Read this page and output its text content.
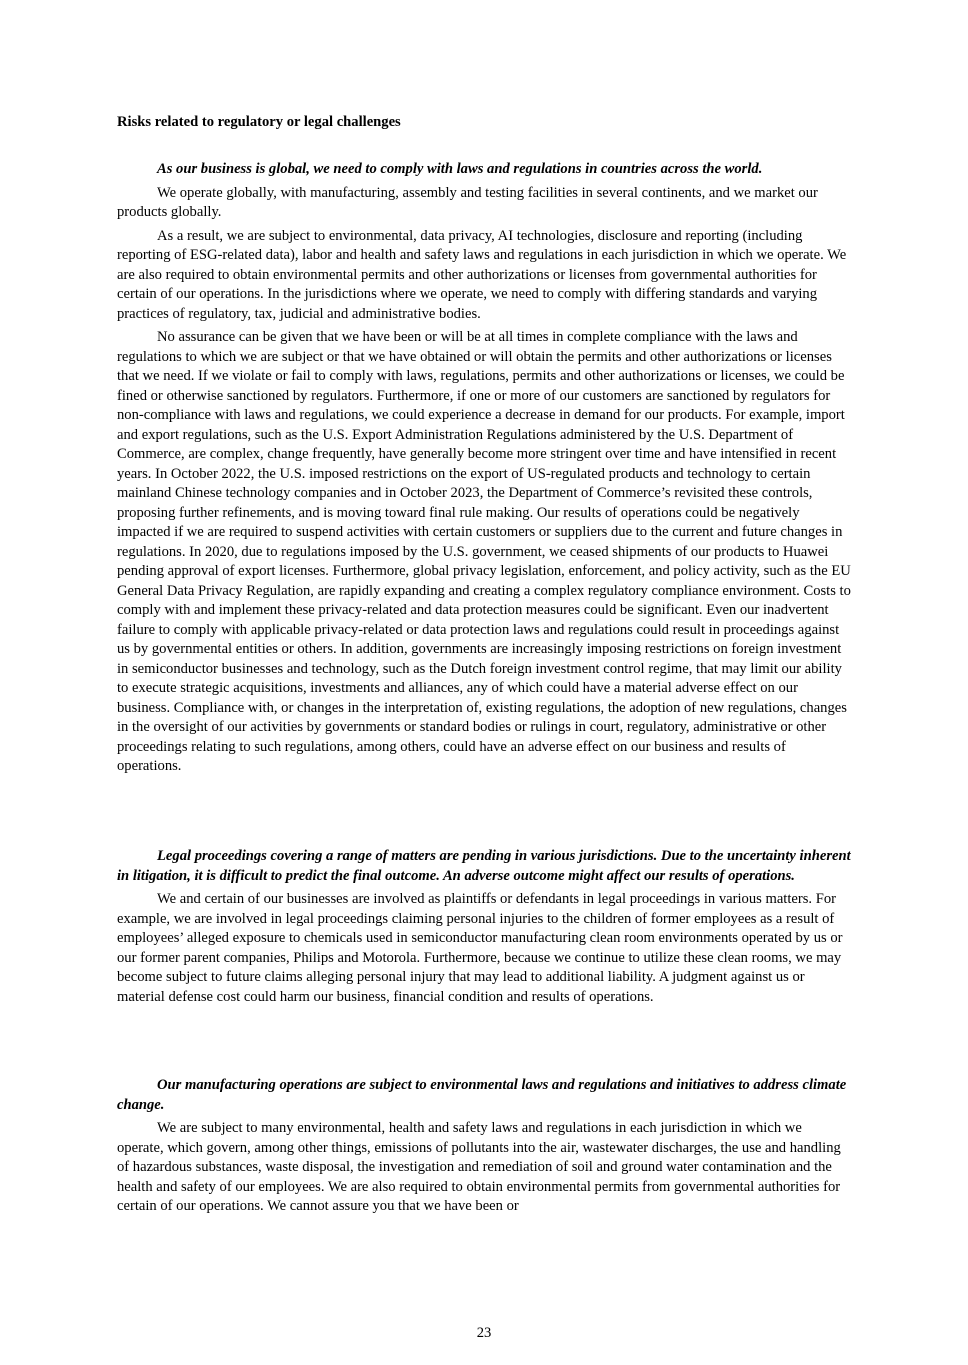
Risks related to regulatory or legal challenges
As our business is global, we need to comply with laws and regulations in countries across the world.

We operate globally, with manufacturing, assembly and testing facilities in several continents, and we market our products globally.

As a result, we are subject to environmental, data privacy, AI technologies, disclosure and reporting (including reporting of ESG-related data), labor and health and safety laws and regulations in each jurisdiction in which we operate. We are also required to obtain environmental permits and other authorizations or licenses from governmental authorities for certain of our operations. In the jurisdictions where we operate, we need to comply with differing standards and varying practices of regulatory, tax, judicial and administrative bodies.

No assurance can be given that we have been or will be at all times in complete compliance with the laws and regulations to which we are subject or that we have obtained or will obtain the permits and other authorizations or licenses that we need. If we violate or fail to comply with laws, regulations, permits and other authorizations or licenses, we could be fined or otherwise sanctioned by regulators. Furthermore, if one or more of our customers are sanctioned by regulators for non-compliance with laws and regulations, we could experience a decrease in demand for our products. For example, import and export regulations, such as the U.S. Export Administration Regulations administered by the U.S. Department of Commerce, are complex, change frequently, have generally become more stringent over time and have intensified in recent years. In October 2022, the U.S. imposed restrictions on the export of US-regulated products and technology to certain mainland Chinese technology companies and in October 2023, the Department of Commerce’s revisited these controls, proposing further refinements, and is moving toward final rule making. Our results of operations could be negatively impacted if we are required to suspend activities with certain customers or suppliers due to the current and future changes in regulations. In 2020, due to regulations imposed by the U.S. government, we ceased shipments of our products to Huawei pending approval of export licenses. Furthermore, global privacy legislation, enforcement, and policy activity, such as the EU General Data Privacy Regulation, are rapidly expanding and creating a complex regulatory compliance environment. Costs to comply with and implement these privacy-related and data protection measures could be significant. Even our inadvertent failure to comply with applicable privacy-related or data protection laws and regulations could result in proceedings against us by governmental entities or others. In addition, governments are increasingly imposing restrictions on foreign investment in semiconductor businesses and technology, such as the Dutch foreign investment control regime, that may limit our ability to execute strategic acquisitions, investments and alliances, any of which could have a material adverse effect on our business. Compliance with, or changes in the interpretation of, existing regulations, the adoption of new regulations, changes in the oversight of our activities by governments or standard bodies or rulings in court, regulatory, administrative or other proceedings relating to such regulations, among others, could have an adverse effect on our business and results of operations.

Legal proceedings covering a range of matters are pending in various jurisdictions. Due to the uncertainty inherent in litigation, it is difficult to predict the final outcome. An adverse outcome might affect our results of operations.

We and certain of our businesses are involved as plaintiffs or defendants in legal proceedings in various matters. For example, we are involved in legal proceedings claiming personal injuries to the children of former employees as a result of employees’ alleged exposure to chemicals used in semiconductor manufacturing clean room environments operated by us or our former parent companies, Philips and Motorola. Furthermore, because we continue to utilize these clean rooms, we may become subject to future claims alleging personal injury that may lead to additional liability. A judgment against us or material defense cost could harm our business, financial condition and results of operations.

Our manufacturing operations are subject to environmental laws and regulations and initiatives to address climate change.

We are subject to many environmental, health and safety laws and regulations in each jurisdiction in which we operate, which govern, among other things, emissions of pollutants into the air, wastewater discharges, the use and handling of hazardous substances, waste disposal, the investigation and remediation of soil and ground water contamination and the health and safety of our employees. We are also required to obtain environmental permits from governmental authorities for certain of our operations. We cannot assure you that we have been or

23
